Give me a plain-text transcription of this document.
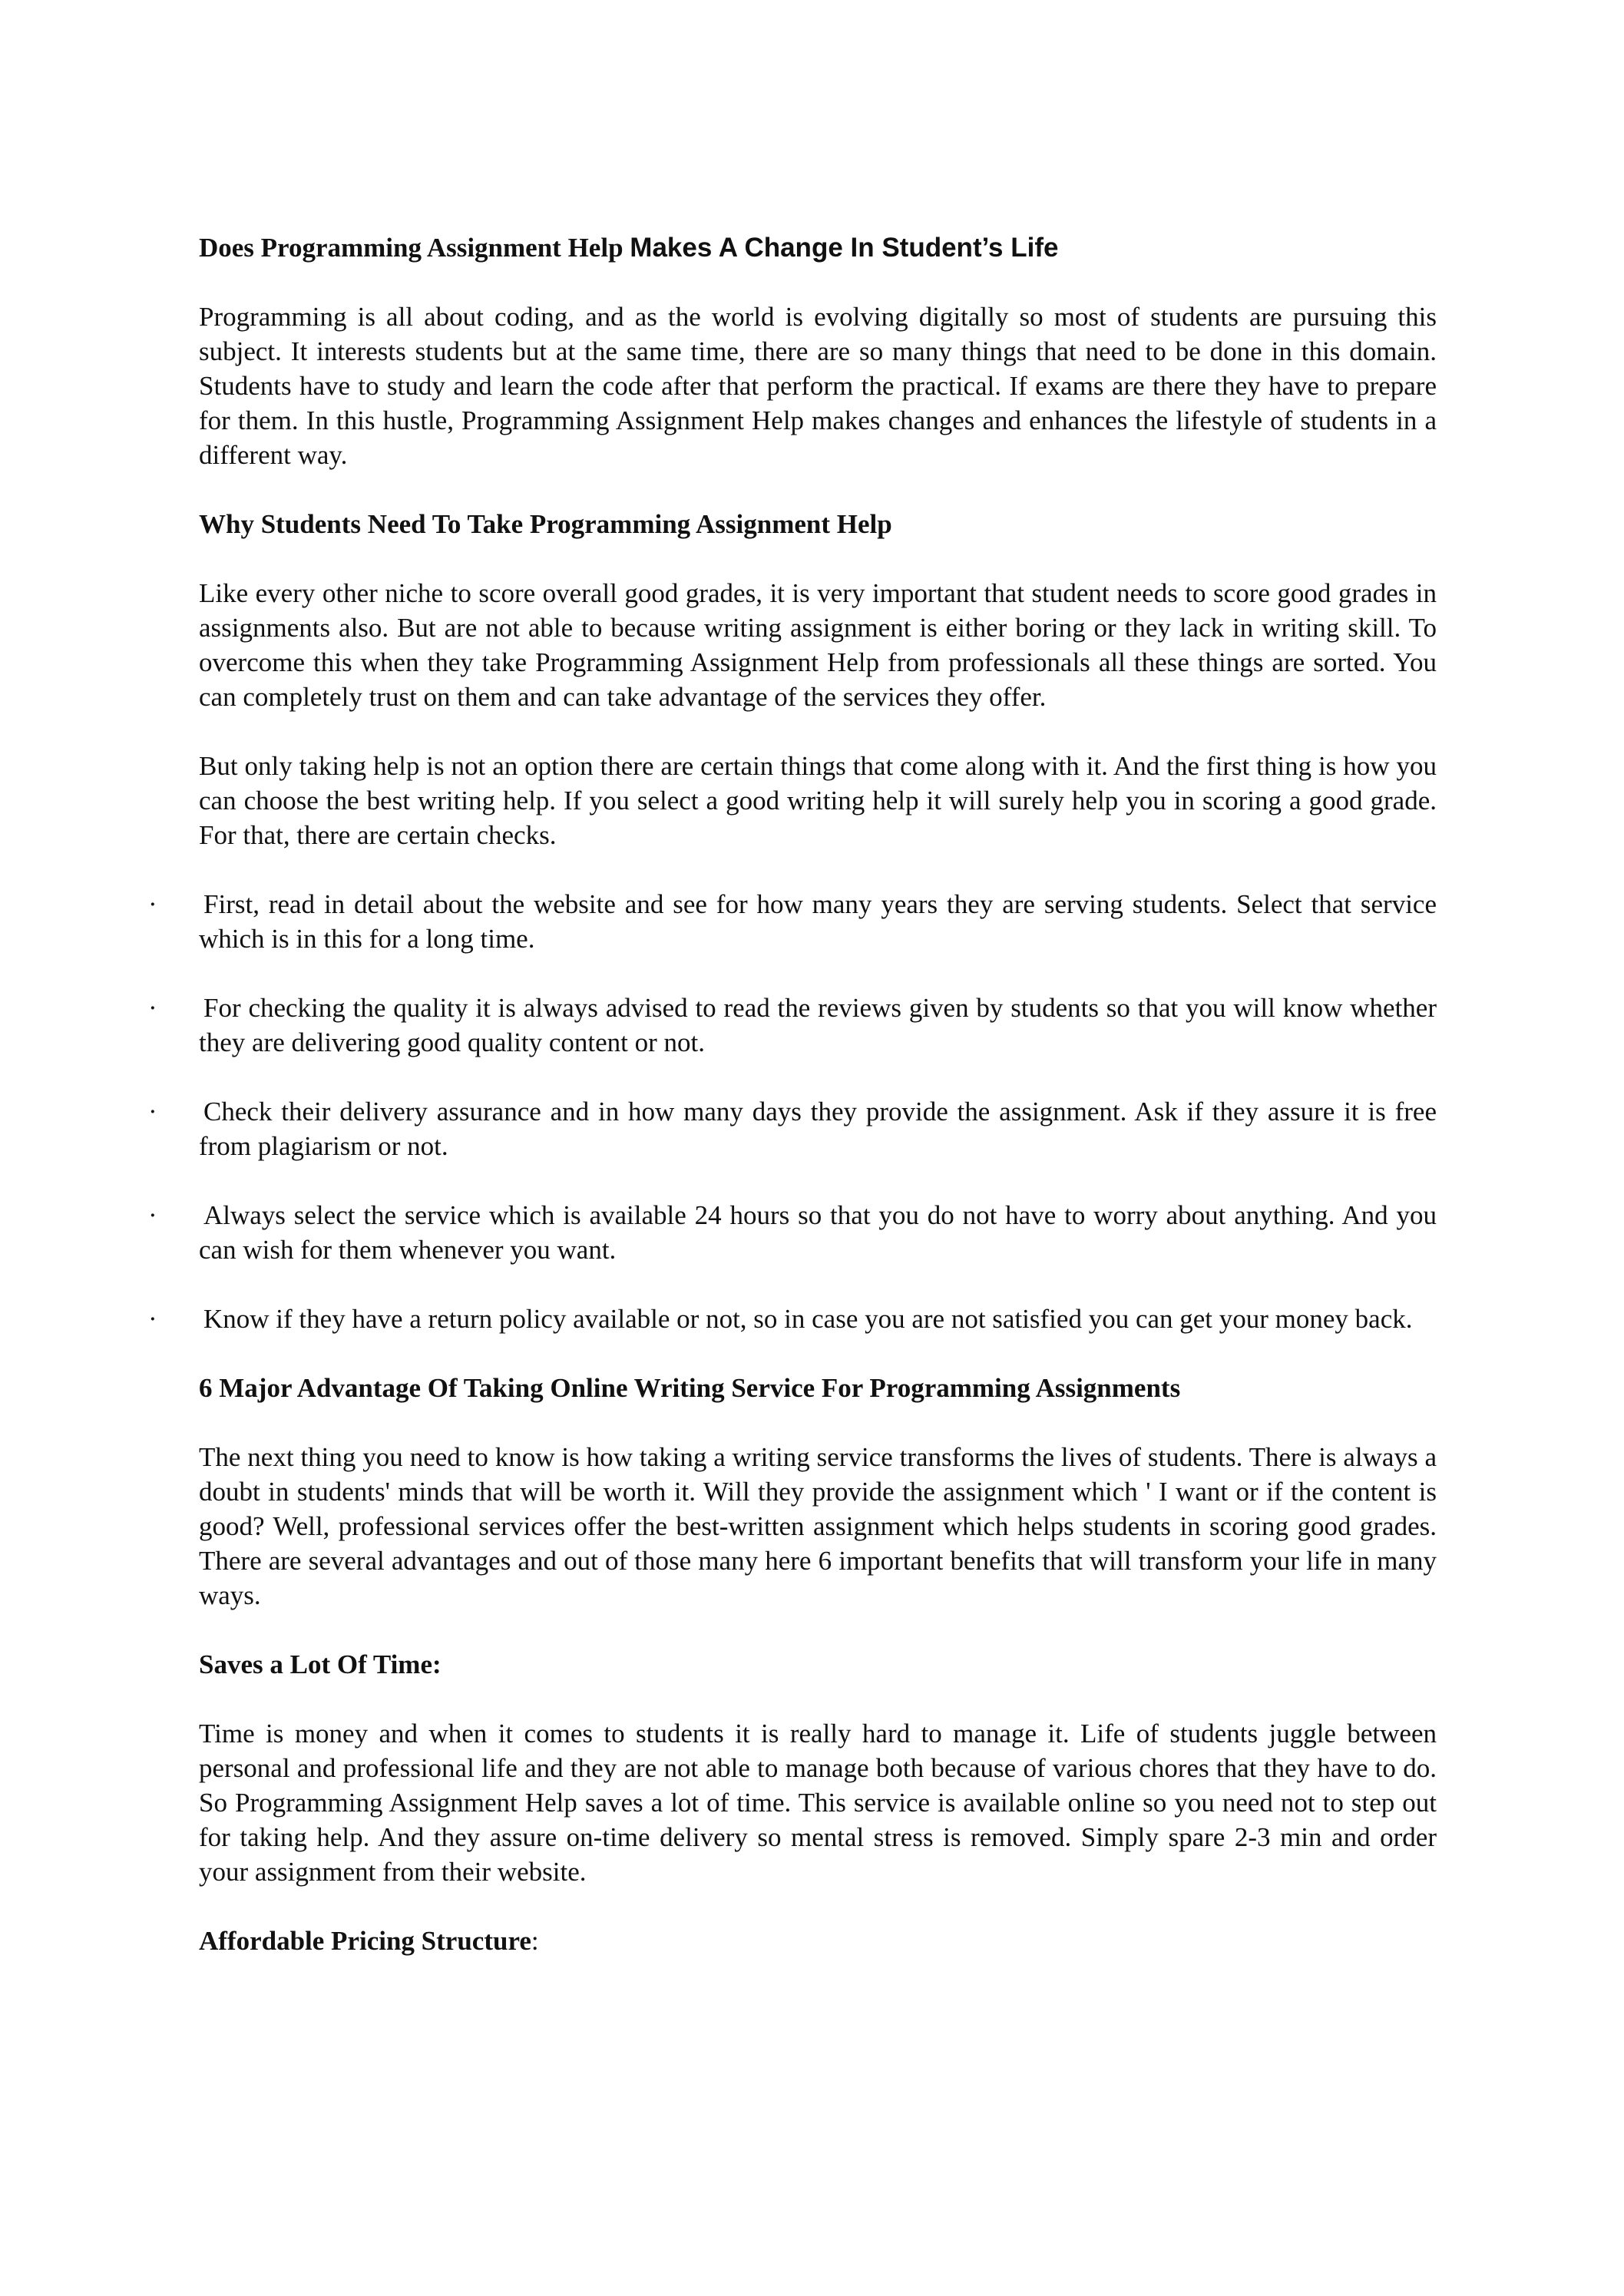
Does Programming Assignment Help Makes A Change In Student’s Life

Programming is all about coding, and as the world is evolving digitally so most of students are pursuing this subject. It interests students but at the same time, there are so many things that need to be done in this domain. Students have to study and learn the code after that perform the practical. If exams are there they have to prepare for them. In this hustle, Programming Assignment Help makes changes and enhances the lifestyle of students in a different way.

Why Students Need To Take Programming Assignment Help

Like every other niche to score overall good grades, it is very important that student needs to score good grades in assignments also. But are not able to because writing assignment is either boring or they lack in writing skill. To overcome this when they take Programming Assignment Help from professionals all these things are sorted. You can completely trust on them and can take advantage of the services they offer.

But only taking help is not an option there are certain things that come along with it. And the first thing is how you can choose the best writing help. If you select a good writing help it will surely help you in scoring a good grade. For that, there are certain checks.

· First, read in detail about the website and see for how many years they are serving students. Select that service which is in this for a long time.

· For checking the quality it is always advised to read the reviews given by students so that you will know whether they are delivering good quality content or not.

· Check their delivery assurance and in how many days they provide the assignment. Ask if they assure it is free from plagiarism or not.

· Always select the service which is available 24 hours so that you do not have to worry about anything. And you can wish for them whenever you want.

· Know if they have a return policy available or not, so in case you are not satisfied you can get your money back.

6 Major Advantage Of Taking Online Writing Service For Programming Assignments

The next thing you need to know is how taking a writing service transforms the lives of students. There is always a doubt in students' minds that will be worth it. Will they provide the assignment which ' I want or if the content is good? Well, professional services offer the best-written assignment which helps students in scoring good grades. There are several advantages and out of those many here 6 important benefits that will transform your life in many ways.

Saves a Lot Of Time:

Time is money and when it comes to students it is really hard to manage it. Life of students juggle between personal and professional life and they are not able to manage both because of various chores that they have to do. So Programming Assignment Help saves a lot of time. This service is available online so you need not to step out for taking help. And they assure on-time delivery so mental stress is removed. Simply spare 2-3 min and order your assignment from their website.

Affordable Pricing Structure:
